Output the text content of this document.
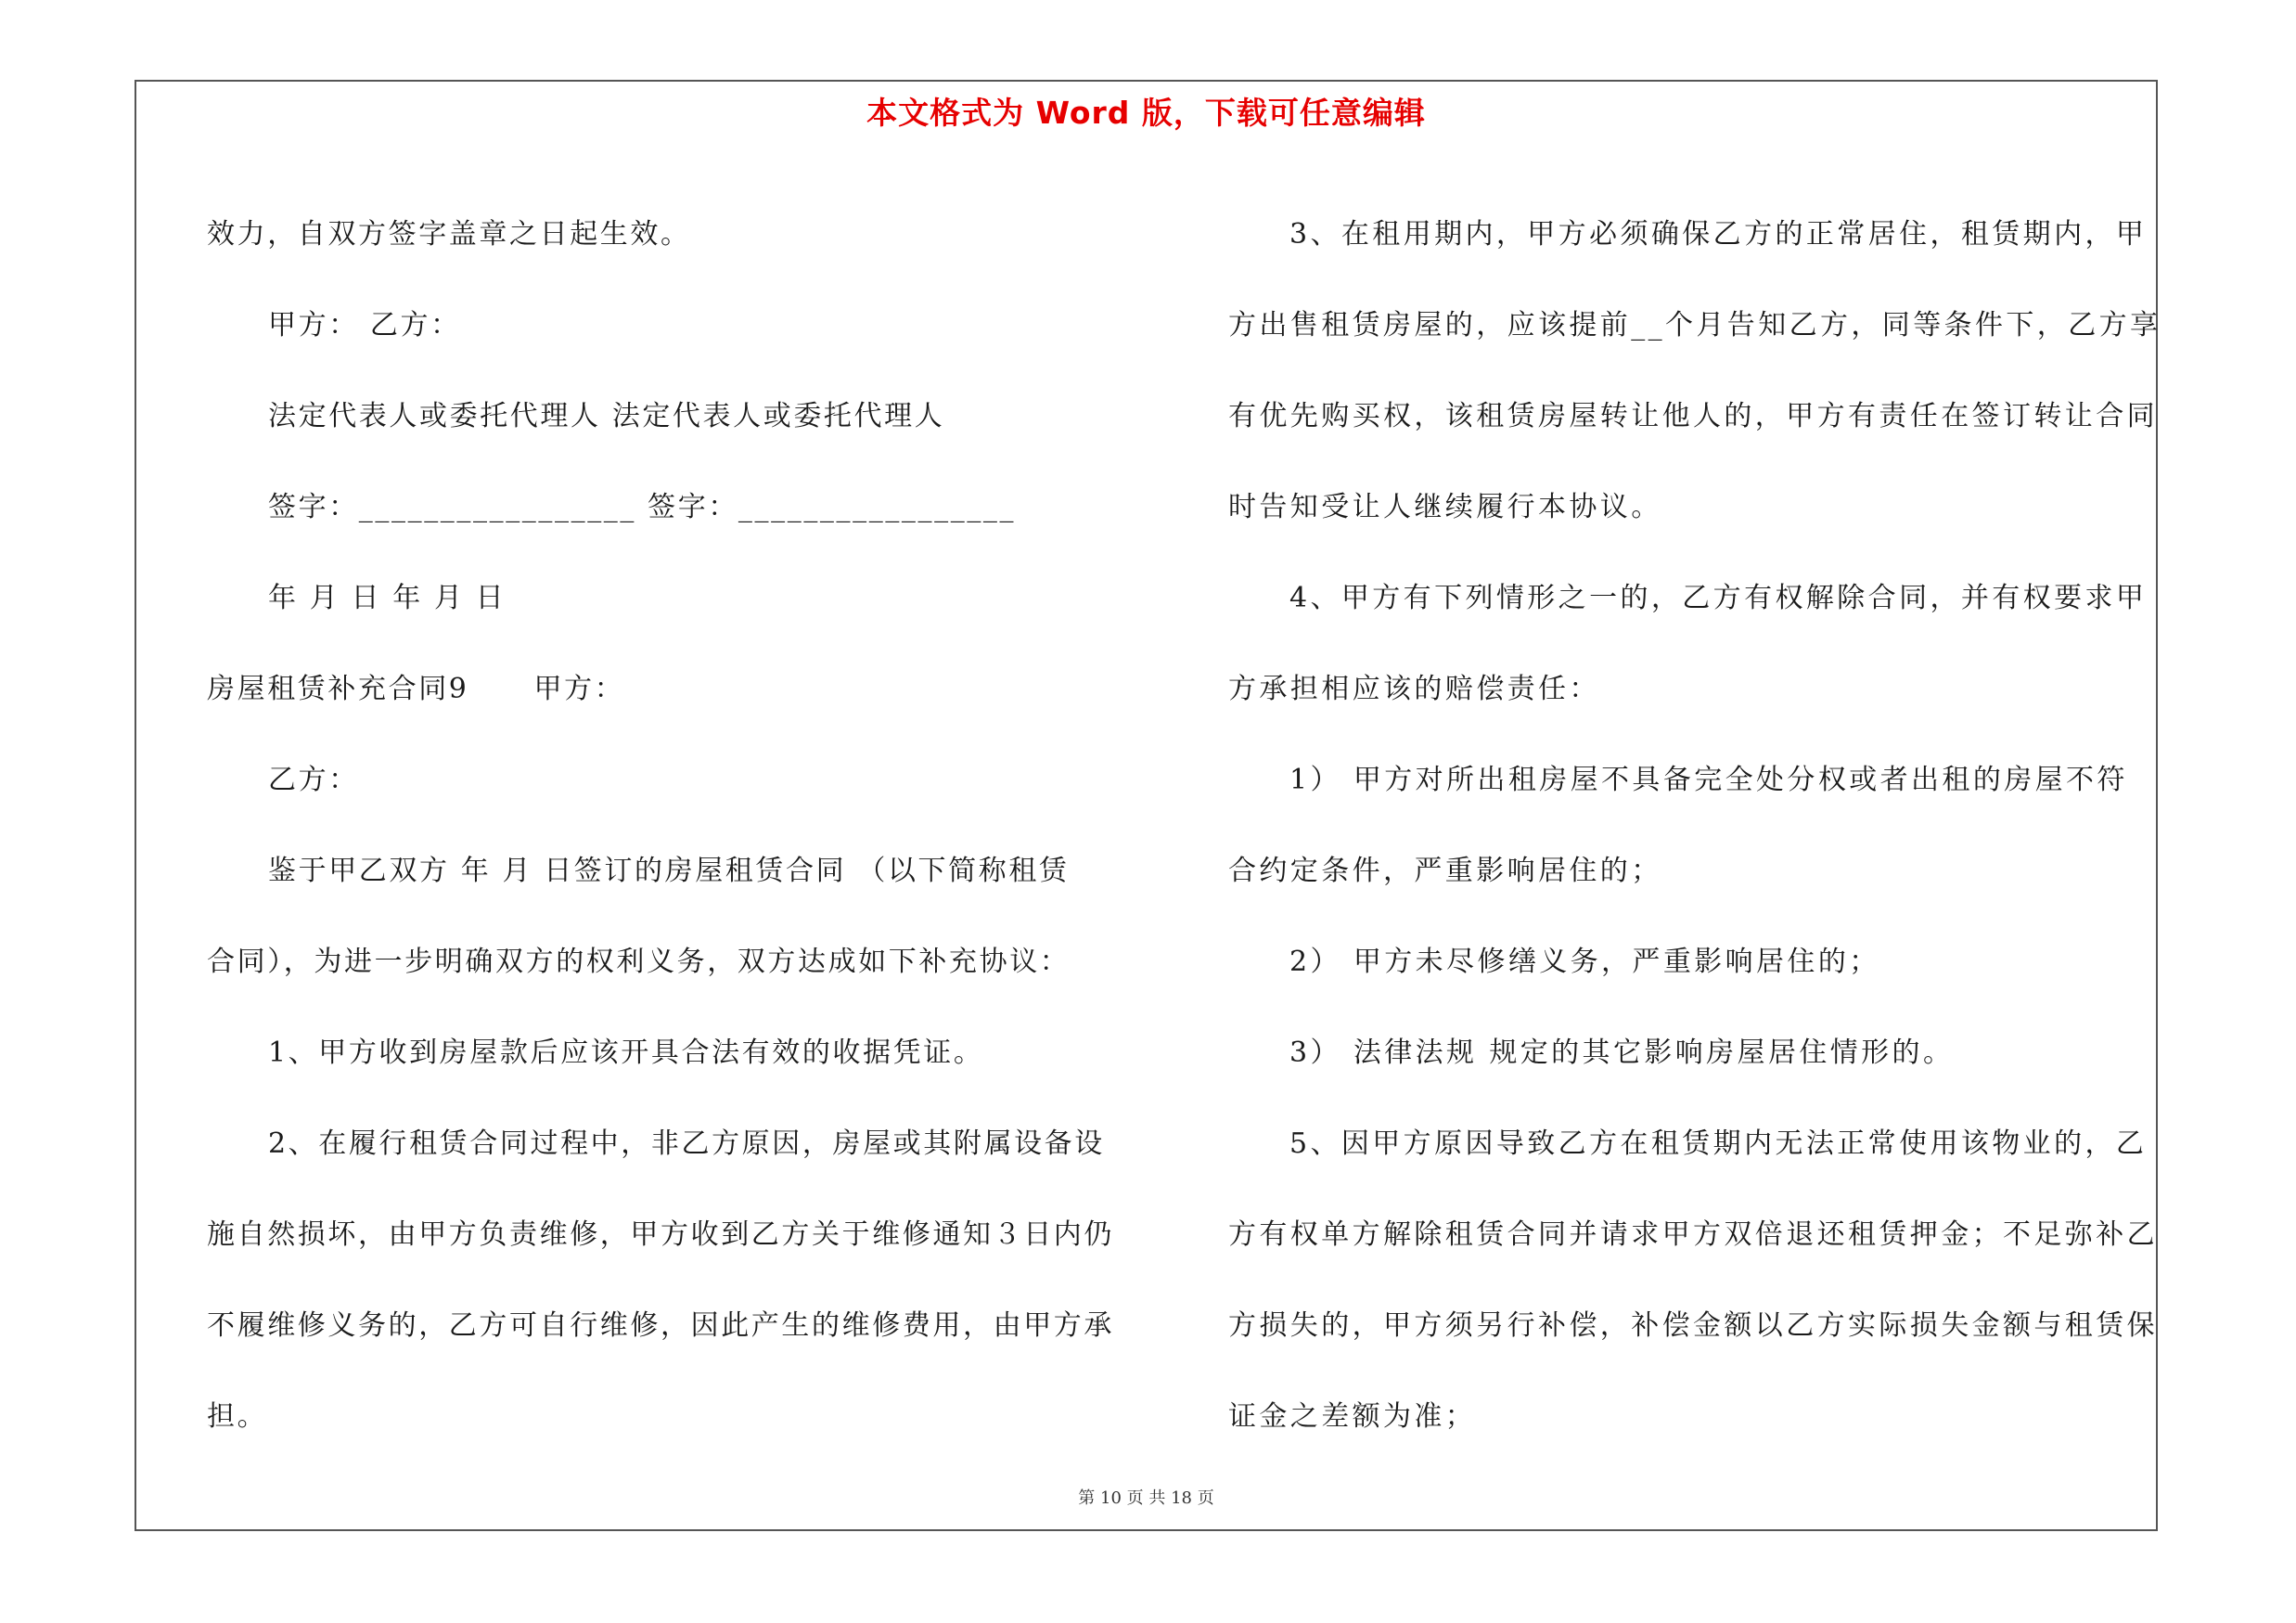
本文格式为 Word 版，下载可任意编辑
效力，自双方签字盖章之日起生效。
甲方： 乙方：
法定代表人或委托代理人 法定代表人或委托代理人
签字：_________________ 签字：_________________
年 月 日 年 月 日
房屋租赁补充合同9 甲方：
乙方：
鉴于甲乙双方 年 月 日签订的房屋租赁合同 （以下简称租赁
合同），为进一步明确双方的权利义务，双方达成如下补充协议：
1、甲方收到房屋款后应该开具合法有效的收据凭证。
2、在履行租赁合同过程中，非乙方原因，房屋或其附属设备设
施自然损坏，由甲方负责维修，甲方收到乙方关于维修通知３日内仍
不履维修义务的，乙方可自行维修，因此产生的维修费用，由甲方承
担。
3、在租用期内，甲方必须确保乙方的正常居住，租赁期内，甲
方出售租赁房屋的，应该提前__个月告知乙方，同等条件下，乙方享
有优先购买权，该租赁房屋转让他人的，甲方有责任在签订转让合同
时告知受让人继续履行本协议。
4、甲方有下列情形之一的，乙方有权解除合同，并有权要求甲
方承担相应该的赔偿责任：
1） 甲方对所出租房屋不具备完全处分权或者出租的房屋不符
合约定条件，严重影响居住的；
2） 甲方未尽修缮义务，严重影响居住的；
3） 法律法规 规定的其它影响房屋居住情形的。
5、因甲方原因导致乙方在租赁期内无法正常使用该物业的，乙
方有权单方解除租赁合同并请求甲方双倍退还租赁押金；不足弥补乙
方损失的，甲方须另行补偿，补偿金额以乙方实际损失金额与租赁保
证金之差额为准；
第 10 页 共 18 页
